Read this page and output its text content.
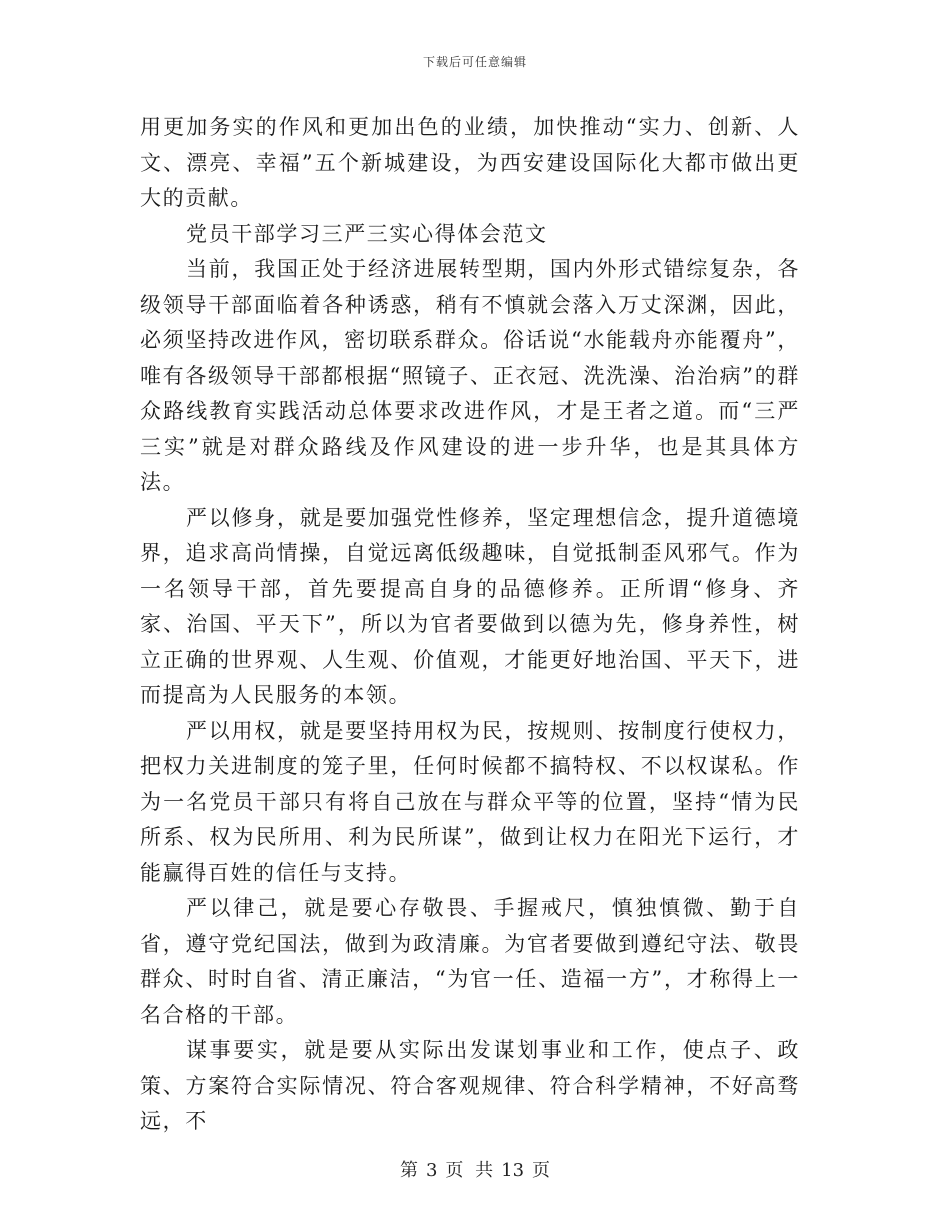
下载后可任意编辑

用更加务实的作风和更加出色的业绩，加快推动“实力、创新、人文、漂亮、幸福”五个新城建设，为西安建设国际化大都市做出更大的贡献。

党员干部学习三严三实心得体会范文

当前，我国正处于经济进展转型期，国内外形式错综复杂，各级领导干部面临着各种诱惑，稍有不慎就会落入万丈深渊，因此，必须坚持改进作风，密切联系群众。俗话说“水能载舟亦能覆舟”，唯有各级领导干部都根据“照镜子、正衣冠、洗洗澡、治治病”的群众路线教育实践活动总体要求改进作风，才是王者之道。而“三严三实”就是对群众路线及作风建设的进一步升华，也是其具体方法。

严以修身，就是要加强党性修养，坚定理想信念，提升道德境界，追求高尚情操，自觉远离低级趣味，自觉抵制歪风邪气。作为一名领导干部，首先要提高自身的品德修养。正所谓“修身、齐家、治国、平天下”，所以为官者要做到以德为先，修身养性，树立正确的世界观、人生观、价值观，才能更好地治国、平天下，进而提高为人民服务的本领。

严以用权，就是要坚持用权为民，按规则、按制度行使权力，把权力关进制度的笼子里，任何时候都不搞特权、不以权谋私。作为一名党员干部只有将自己放在与群众平等的位置，坚持“情为民所系、权为民所用、利为民所谋”，做到让权力在阳光下运行，才能赢得百姓的信任与支持。

严以律己，就是要心存敬畏、手握戒尺，慎独慎微、勤于自省，遵守党纪国法，做到为政清廉。为官者要做到遵纪守法、敬畏群众、时时自省、清正廉洁，“为官一任、造福一方”，才称得上一名合格的干部。

谋事要实，就是要从实际出发谋划事业和工作，使点子、政策、方案符合实际情况、符合客观规律、符合科学精神，不好高骛远，不

第 3 页 共 13 页
